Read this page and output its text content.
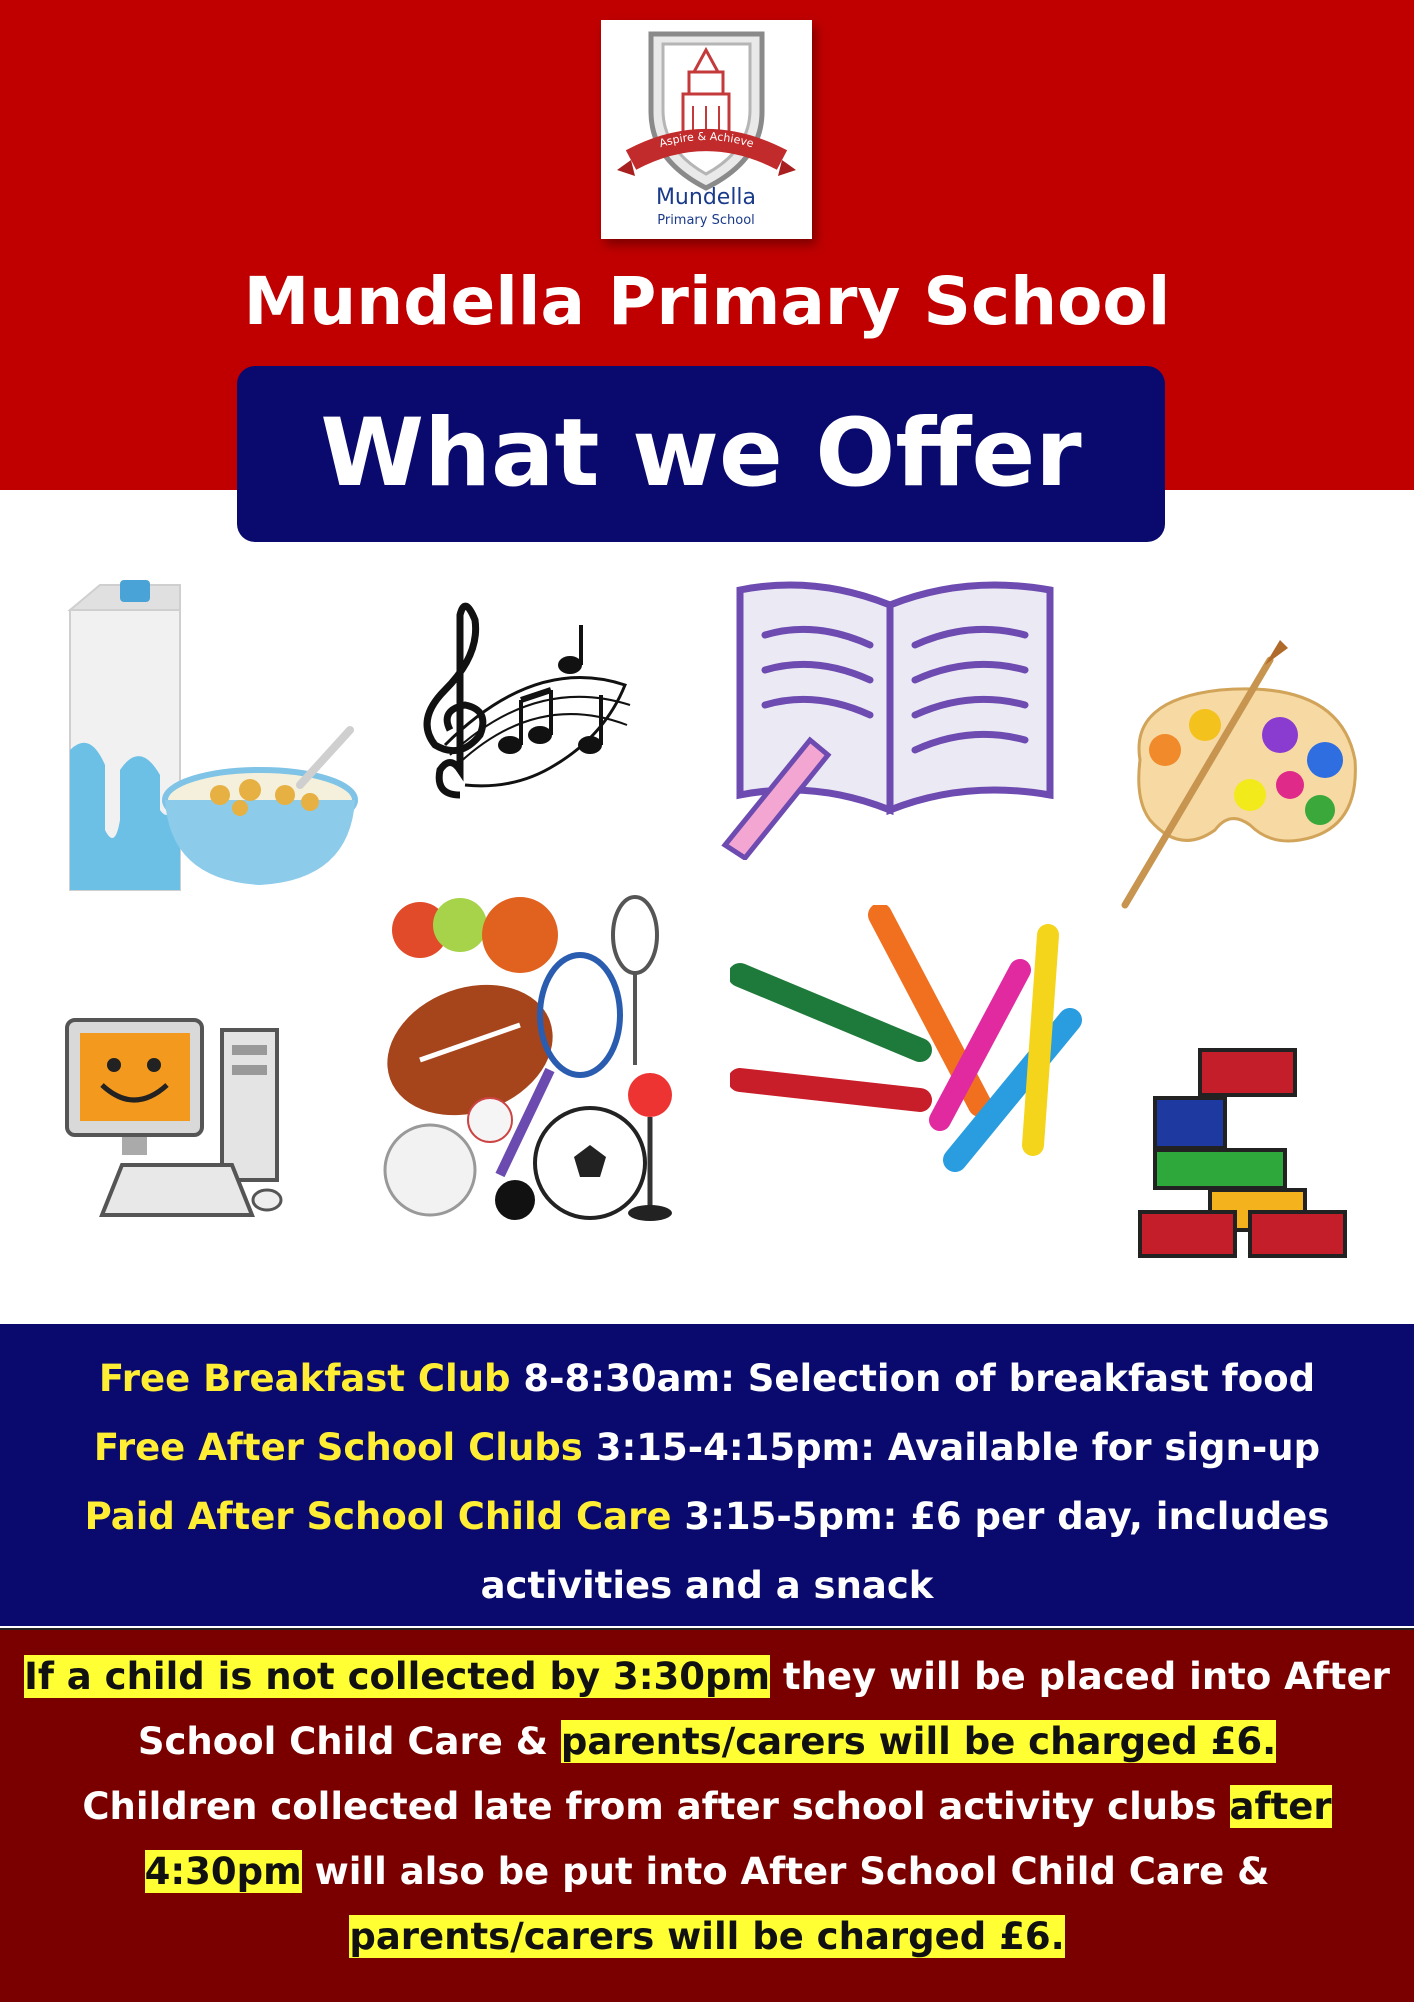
Aspire & Achieve
Mundella
Primary School
Mundella Primary School
What we Offer
Free Breakfast Club 8-8:30am: Selection of breakfast food
Free After School Clubs 3:15-4:15pm: Available for sign-up
Paid After School Child Care 3:15-5pm: £6 per day, includes activities and a snack
If a child is not collected by 3:30pm they will be placed into After School Child Care & parents/carers will be charged £6.
Children collected late from after school activity clubs after 4:30pm will also be put into After School Child Care & parents/carers will be charged £6.
